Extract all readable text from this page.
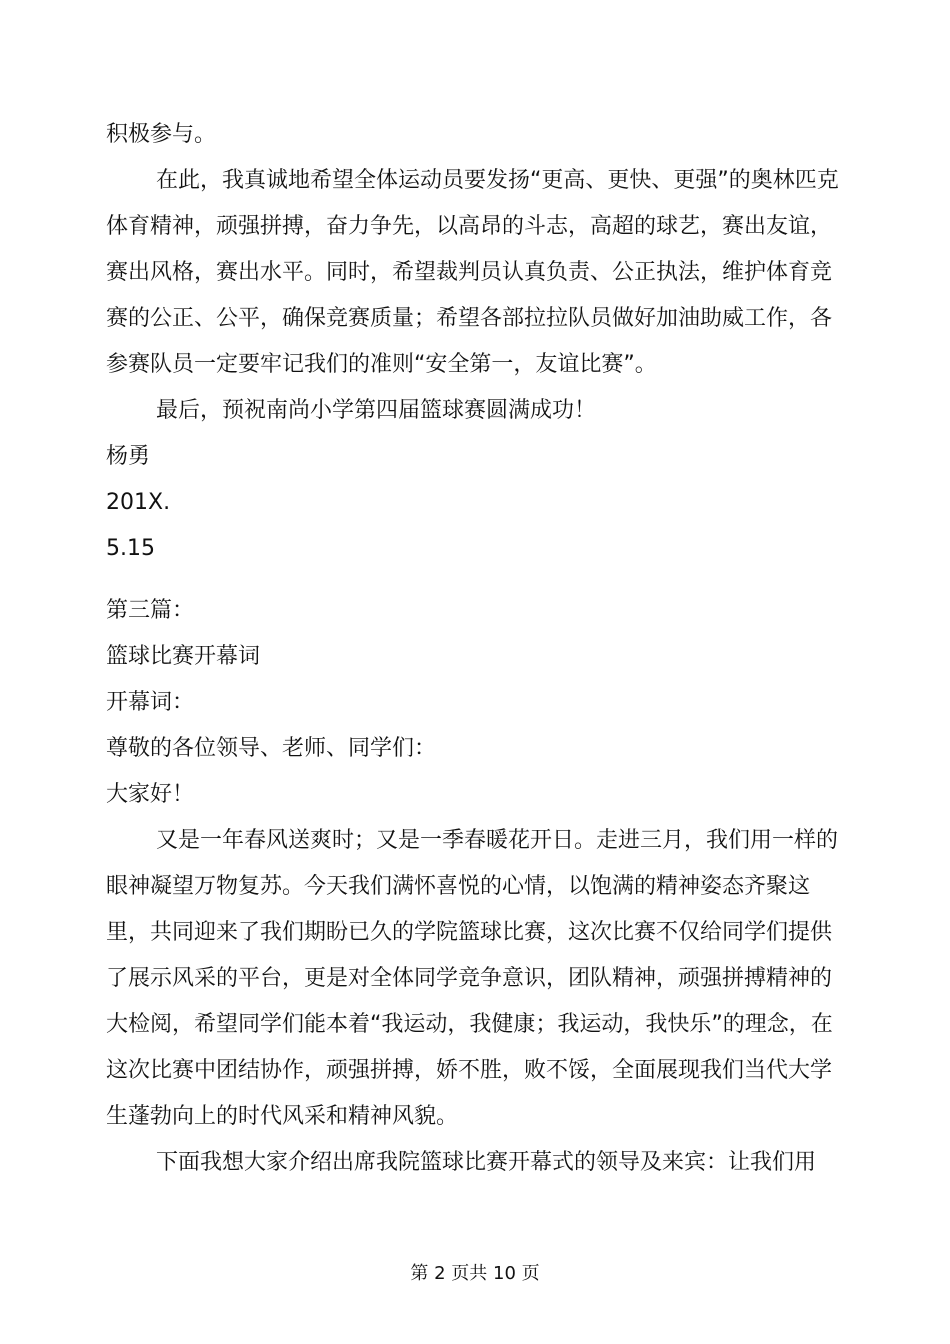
积极参与。

在此，我真诚地希望全体运动员要发扬“更高、更快、更强”的奥林匹克体育精神，顽强拼搏，奋力争先，以高昂的斗志，高超的球艺，赛出友谊，赛出风格，赛出水平。同时，希望裁判员认真负责、公正执法，维护体育竞赛的公正、公平，确保竞赛质量；希望各部拉拉队员做好加油助威工作，各参赛队员一定要牢记我们的准则“安全第一，友谊比赛”。

最后，预祝南尚小学第四届篮球赛圆满成功！

杨勇

201X.

5.15

第三篇：

篮球比赛开幕词

开幕词：

尊敬的各位领导、老师、同学们：

大家好！

又是一年春风送爽时；又是一季春暖花开日。走进三月，我们用一样的眼神凝望万物复苏。今天我们满怀喜悦的心情，以饱满的精神姿态齐聚这里，共同迎来了我们期盼已久的学院篮球比赛，这次比赛不仅给同学们提供了展示风采的平台，更是对全体同学竞争意识，团队精神，顽强拼搏精神的大检阅，希望同学们能本着“我运动，我健康；我运动，我快乐”的理念，在这次比赛中团结协作，顽强拼搏，娇不胜，败不馁，全面展现我们当代大学生蓬勃向上的时代风采和精神风貌。

下面我想大家介绍出席我院篮球比赛开幕式的领导及来宾：让我们用

第 2 页共 10 页
